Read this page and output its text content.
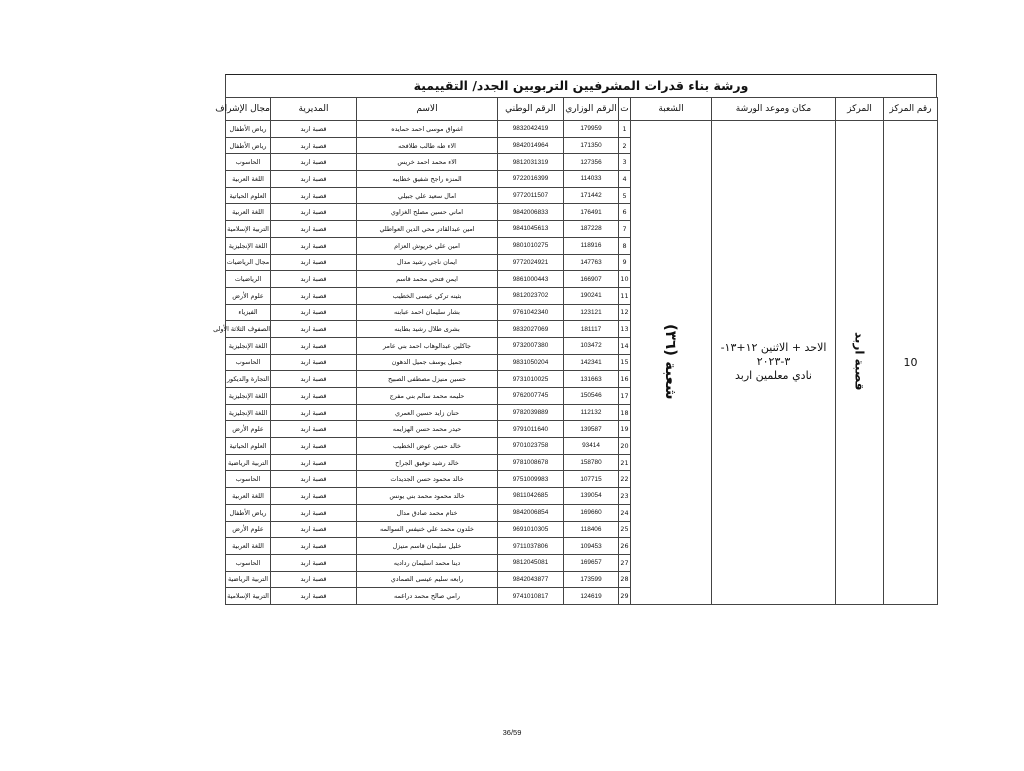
ورشة بناء قدرات المشرفيين التربويين الجدد/ التقييمية
رقم المركز	المركز	مكان وموعد الورشة	الشعبة	ت	الرقم الوزاري	الرقم الوطني	الاسم	المديرية	مجال الإشراف
10	قصبة اربد	الاحد + الاثنين ١٢+١٣-
٣-٢٠٢٣
نادي معلمين اربد	شعبة (٣٦)	1	179959	9832042419	اشواق موسى احمد حمايده	قصبة اربد	رياض الأطفال
				2	171350	9842014964	الاء طه طالب طلافحه	قصبة اربد	رياض الأطفال
				3	127356	9812031319	الاء محمد احمد خريس	قصبة اربد	الحاسوب
				4	114033	9722016399	المنزه راجح شفيق خطايبه	قصبة اربد	اللغة العربية
				5	171442	9772011507	امال سعيد علي جبيلي	قصبة اربد	العلوم الحياتية
				6	176491	9842006833	اماني حسين مصلح الغزاوي	قصبة اربد	اللغة العربية
				7	187228	9841045613	امين عبدالقادر محي الدين العواطلي	قصبة اربد	التربية الإسلامية
				8	118916	9801010275	امين علي خريوش العزام	قصبة اربد	اللغة الإنجليزية
				9	147763	9772024921	ايمان ناجي رشيد مدال	قصبة اربد	مجال الرياضيات
				10	166907	9861000443	ايمن فتحي محمد قاسم	قصبة اربد	الرياضيات
				11	190241	9812023702	بثينه تركي عيسى الخطيب	قصبة اربد	علوم الأرض
				12	123121	9761042340	بشار سليمان احمد عبابنه	قصبة اربد	الفيزياء
				13	181117	9832027069	بشرى طلال رشيد بطاينه	قصبة اربد	الصفوف الثلاثة الأولى
				14	103472	9732007380	جاكلين عبدالوهاب احمد بني عامر	قصبة اربد	اللغة الإنجليزية
				15	142341	9831050204	جميل يوسف جميل الدهون	قصبة اربد	الحاسوب
				16	131663	9731010025	حسين منيزل مصطفى الصبيح	قصبة اربد	التجارة والديكور
				17	150546	9762007745	حليمه محمد سالم بني مفرج	قصبة اربد	اللغة الإنجليزية
				18	112132	9782039889	حنان زايد حسين العمري	قصبة اربد	اللغة الإنجليزية
				19	139587	9791011640	حيدر محمد حسن الهزايمه	قصبة اربد	علوم الأرض
				20	93414	9701023758	خالد حسن عوض الخطيب	قصبة اربد	العلوم الحياتية
				21	158780	9781008678	خالد رشيد توفيق الجراح	قصبة اربد	التربية الرياضية
				22	107715	9751009983	خالد محمود حسن الجديدات	قصبة اربد	الحاسوب
				23	139054	9811042685	خالد محمود محمد بني يونس	قصبة اربد	اللغة العربية
				24	169660	9842006854	ختام محمد صادق مدال	قصبة اربد	رياض الأطفال
				25	118406	9691010305	خلدون محمد علي خنيفس السوالمه	قصبة اربد	علوم الأرض
				26	109453	9711037806	خليل سليمان قاسم منيزل	قصبة اربد	اللغة العربية
				27	169657	9812045081	دينا محمد اسليمان رداديه	قصبة اربد	الحاسوب
				28	173599	9842043877	رابعه سليم عيسى الصمادي	قصبة اربد	التربية الرياضية
				29	124619	9741010817	رامي صالح محمد دراغمه	قصبة اربد	التربية الإسلامية
36/59
